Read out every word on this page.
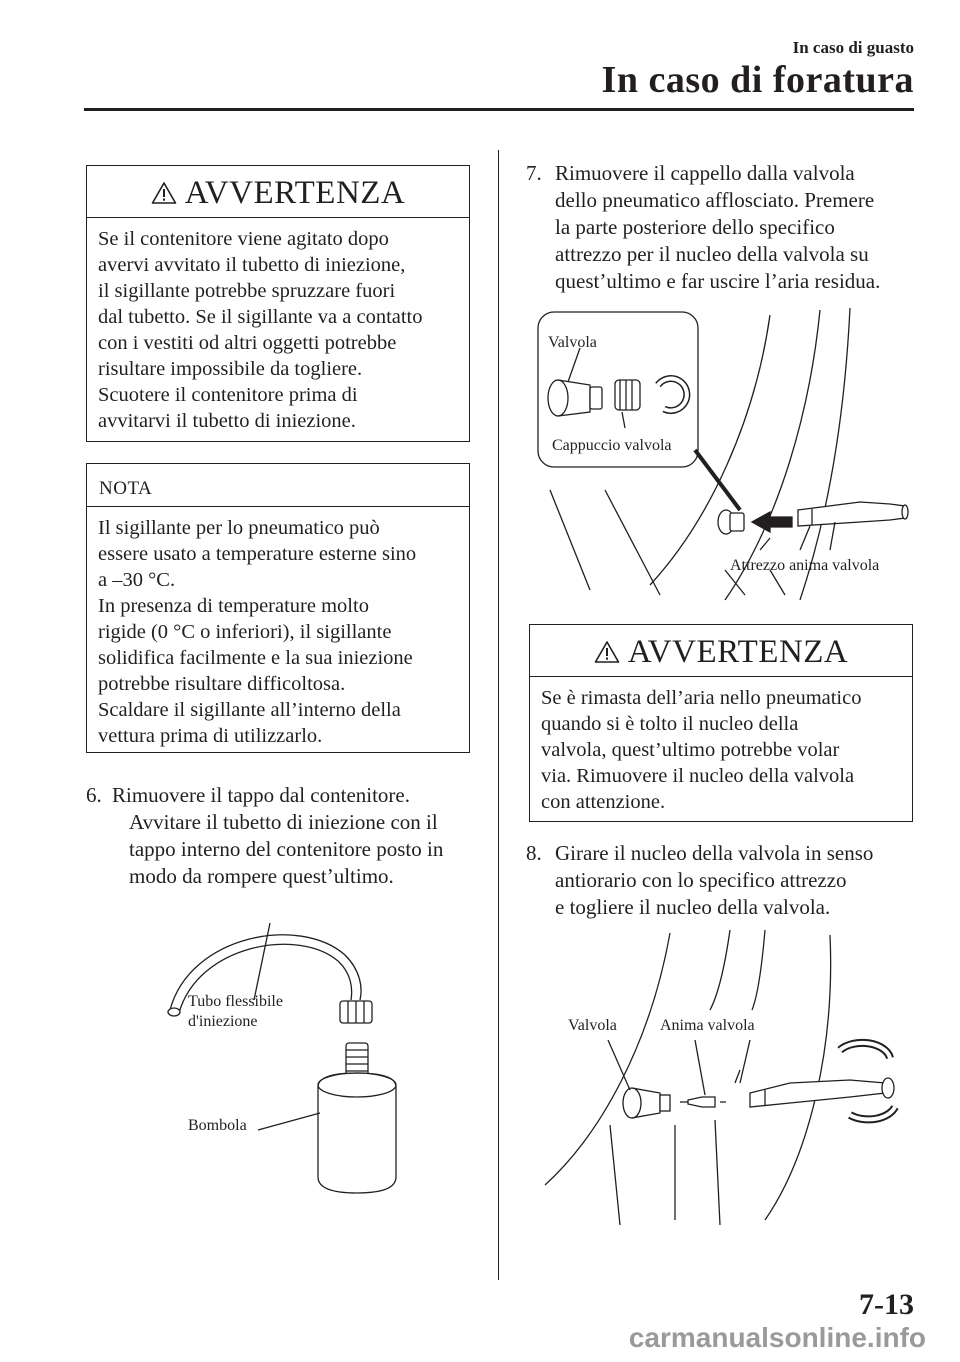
In caso di guasto
In caso di foratura
AVVERTENZA
Se il contenitore viene agitato dopo
avervi avvitato il tubetto di iniezione,
il sigillante potrebbe spruzzare fuori
dal tubetto. Se il sigillante va a contatto
con i vestiti od altri oggetti potrebbe
risultare impossibile da togliere.
Scuotere il contenitore prima di
avvitarvi il tubetto di iniezione.
NOTA
Il sigillante per lo pneumatico può
essere usato a temperature esterne sino
a –30 °C.
In presenza di temperature molto
rigide (0 °C o inferiori), il sigillante
solidifica facilmente e la sua iniezione
potrebbe risultare difficoltosa.
Scaldare il sigillante all’interno della
vettura prima di utilizzarlo.
6. Rimuovere il tappo dal contenitore.
Avvitare il tubetto di iniezione con il
tappo interno del contenitore posto in
modo da rompere quest’ultimo.
Tubo flessibile
d'iniezione
Bombola
7. Rimuovere il cappello dalla valvola
dello pneumatico afflosciato. Premere
la parte posteriore dello specifico
attrezzo per il nucleo della valvola su
quest’ultimo e far uscire l’aria residua.
Valvola
Cappuccio valvola
Attrezzo anima valvola
AVVERTENZA
Se è rimasta dell’aria nello pneumatico
quando si è tolto il nucleo della
valvola, quest’ultimo potrebbe volar
via. Rimuovere il nucleo della valvola
con attenzione.
8. Girare il nucleo della valvola in senso
antiorario con lo specifico attrezzo
e togliere il nucleo della valvola.
Valvola	Anima valvola
7-13
carmanualsonline.info
